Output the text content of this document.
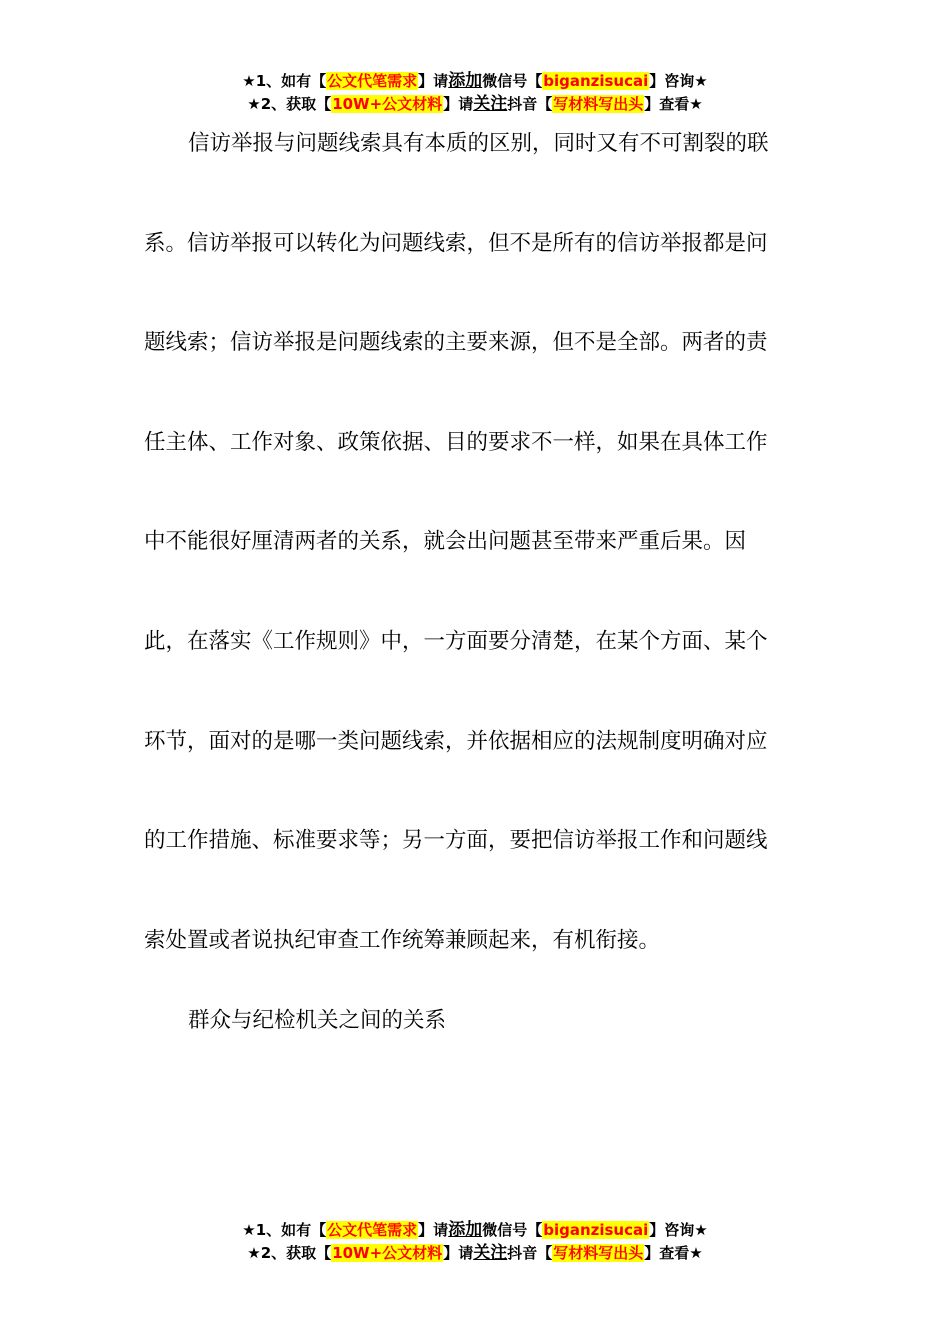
★1、如有【公文代笔需求】请添加微信号【biganzisucai】咨询★
★2、获取【10W+公文材料】请关注抖音【写材料写出头】查看★
信访举报与问题线索具有本质的区别，同时又有不可割裂的联
系。信访举报可以转化为问题线索，但不是所有的信访举报都是问
题线索；信访举报是问题线索的主要来源，但不是全部。两者的责
任主体、工作对象、政策依据、目的要求不一样，如果在具体工作
中不能很好厘清两者的关系，就会出问题甚至带来严重后果。因
此，在落实《工作规则》中，一方面要分清楚，在某个方面、某个
环节，面对的是哪一类问题线索，并依据相应的法规制度明确对应
的工作措施、标准要求等；另一方面，要把信访举报工作和问题线
索处置或者说执纪审查工作统筹兼顾起来，有机衔接。
群众与纪检机关之间的关系
★1、如有【公文代笔需求】请添加微信号【biganzisucai】咨询★
★2、获取【10W+公文材料】请关注抖音【写材料写出头】查看★
